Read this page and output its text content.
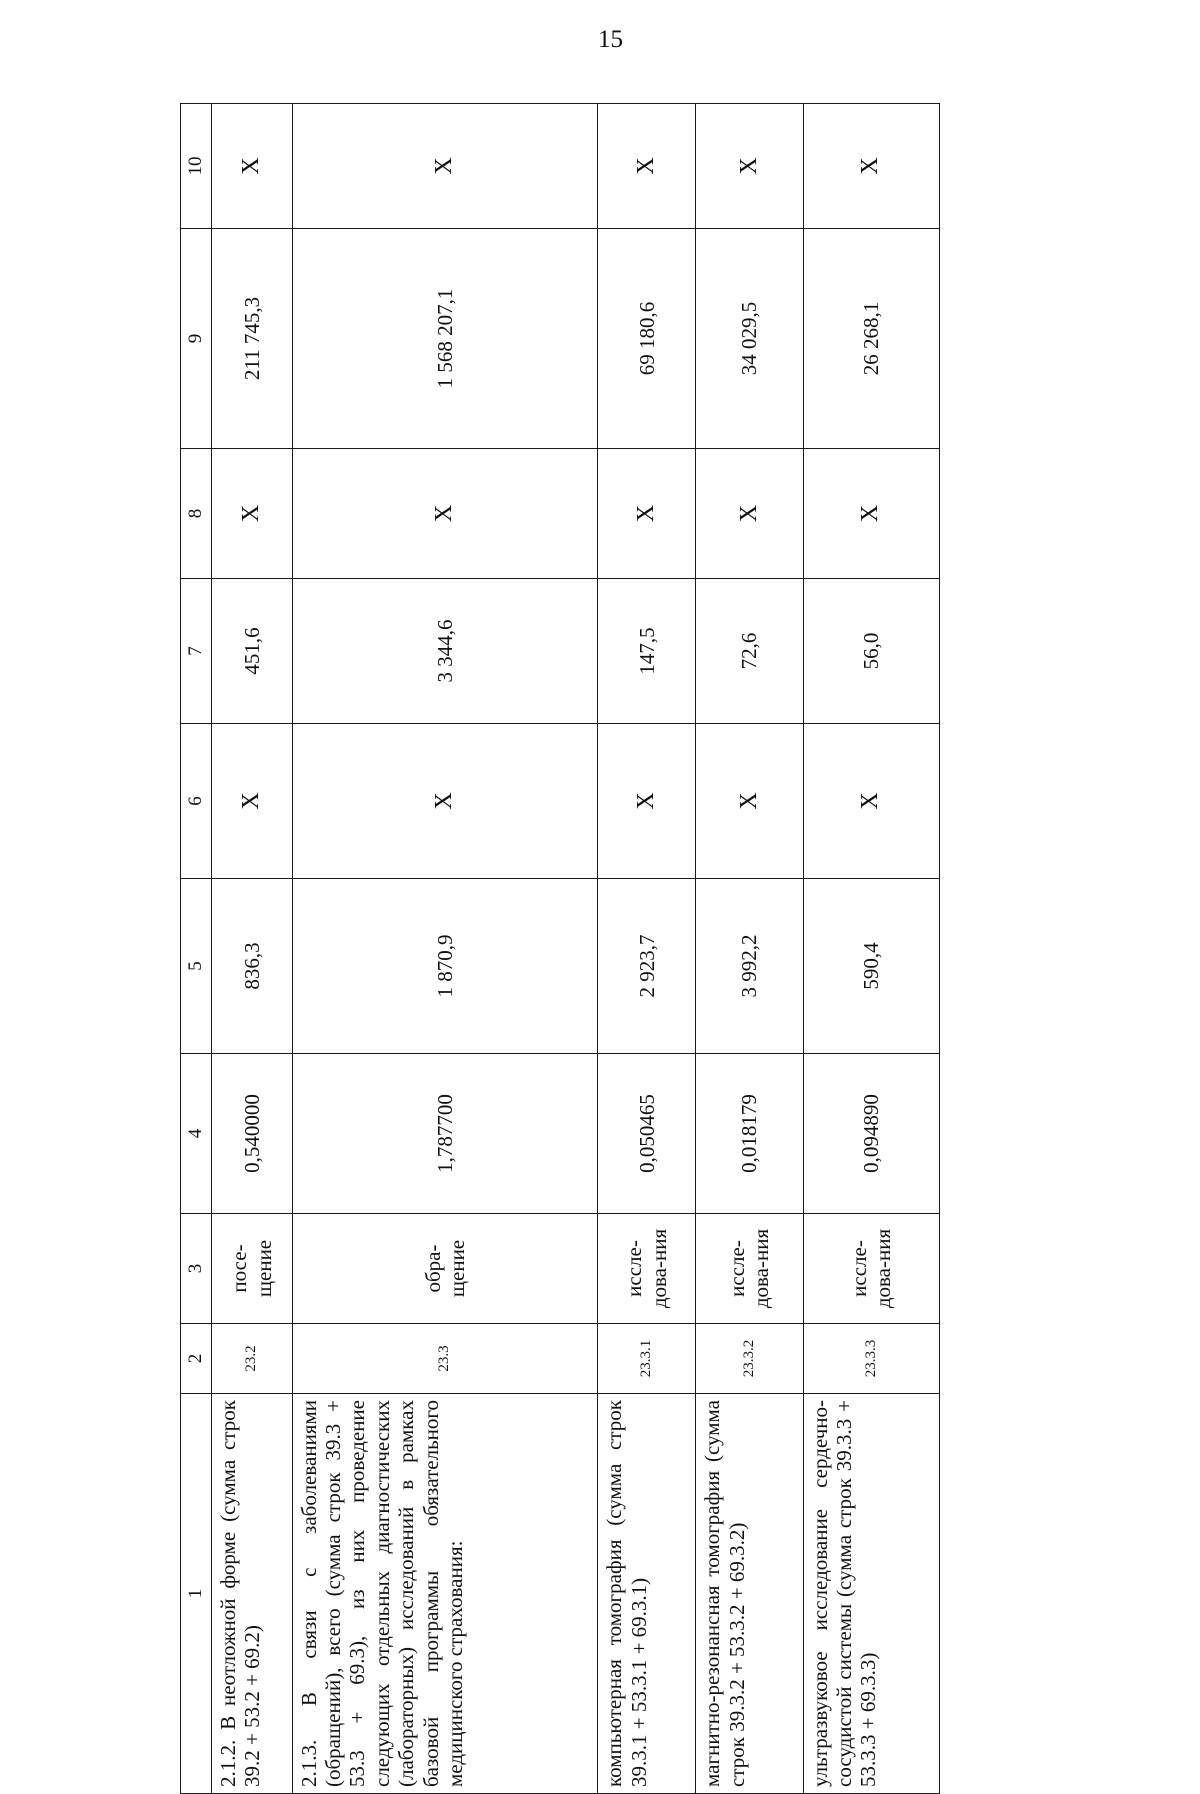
15
1	2	3	4	5	6	7	8	9	10
2.1.2. В неотложной форме (сумма строк 39.2 + 53.2 + 69.2)	23.2	посе-щение	0,540000	836,3	X	451,6	X	211 745,3	X
2.1.3. В связи с заболеваниями (обращений), всего (сумма строк 39.3 + 53.3 + 69.3), из них проведение следующих отдельных диагностических (лабораторных) исследований в рамках базовой программы обязательного медицинского страхования:	23.3	обра-щение	1,787700	1 870,9	X	3 344,6	X	1 568 207,1	X
компьютерная томография (сумма строк 39.3.1 + 53.3.1 + 69.3.1)	23.3.1	иссле-дова-ния	0,050465	2 923,7	X	147,5	X	69 180,6	X
магнитно-резонансная томография (сумма строк 39.3.2 + 53.3.2 + 69.3.2)	23.3.2	иссле-дова-ния	0,018179	3 992,2	X	72,6	X	34 029,5	X
ультразвуковое исследование сердечно-сосудистой системы (сумма строк 39.3.3 + 53.3.3 + 69.3.3)	23.3.3	иссле-дова-ния	0,094890	590,4	X	56,0	X	26 268,1	X
